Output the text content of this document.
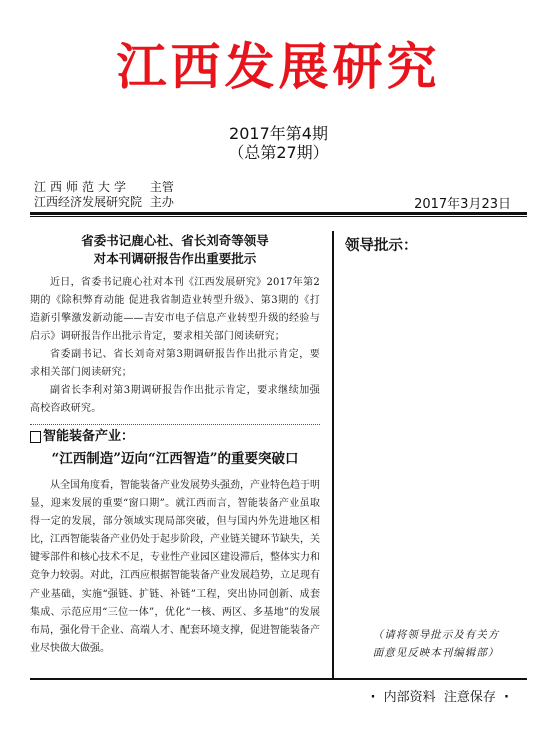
江西发展研究
2017年第4期
（总第27期）
江西师范大学 主管
江西经济发展研究院 主办	2017年3月23日
省委书记鹿心社、省长刘奇等领导
对本刊调研报告作出重要批示

近日，省委书记鹿心社对本刊《江西发展研究》2017年第2期的《除积弊育动能 促进我省制造业转型升级》、第3期的《打造新引擎激发新动能——吉安市电子信息产业转型升级的经验与启示》调研报告作出批示肯定，要求相关部门阅读研究；

省委副书记、省长刘奇对第3期调研报告作出批示肯定，要求相关部门阅读研究；

副省长李利对第3期调研报告作出批示肯定，要求继续加强高校咨政研究。

智能装备产业：
“江西制造”迈向“江西智造”的重要突破口

从全国角度看，智能装备产业发展势头强劲，产业特色趋于明显，迎来发展的重要“窗口期”。就江西而言，智能装备产业虽取得一定的发展，部分领域实现局部突破，但与国内外先进地区相比，江西智能装备产业仍处于起步阶段，产业链关键环节缺失，关键零部件和核心技术不足，专业性产业园区建设滞后，整体实力和竞争力较弱。对此，江西应根据智能装备产业发展趋势，立足现有产业基础，实施“强链、扩链、补链”工程，突出协同创新、成套集成、示范应用“三位一体”，优化“一核、两区、多基地”的发展布局，强化骨干企业、高端人才、配套环境支撑，促进智能装备产业尽快做大做强。

领导批示：
（请将领导批示及有关方
面意见反映本刊编辑部）
· 内部资料  注意保存 ·
